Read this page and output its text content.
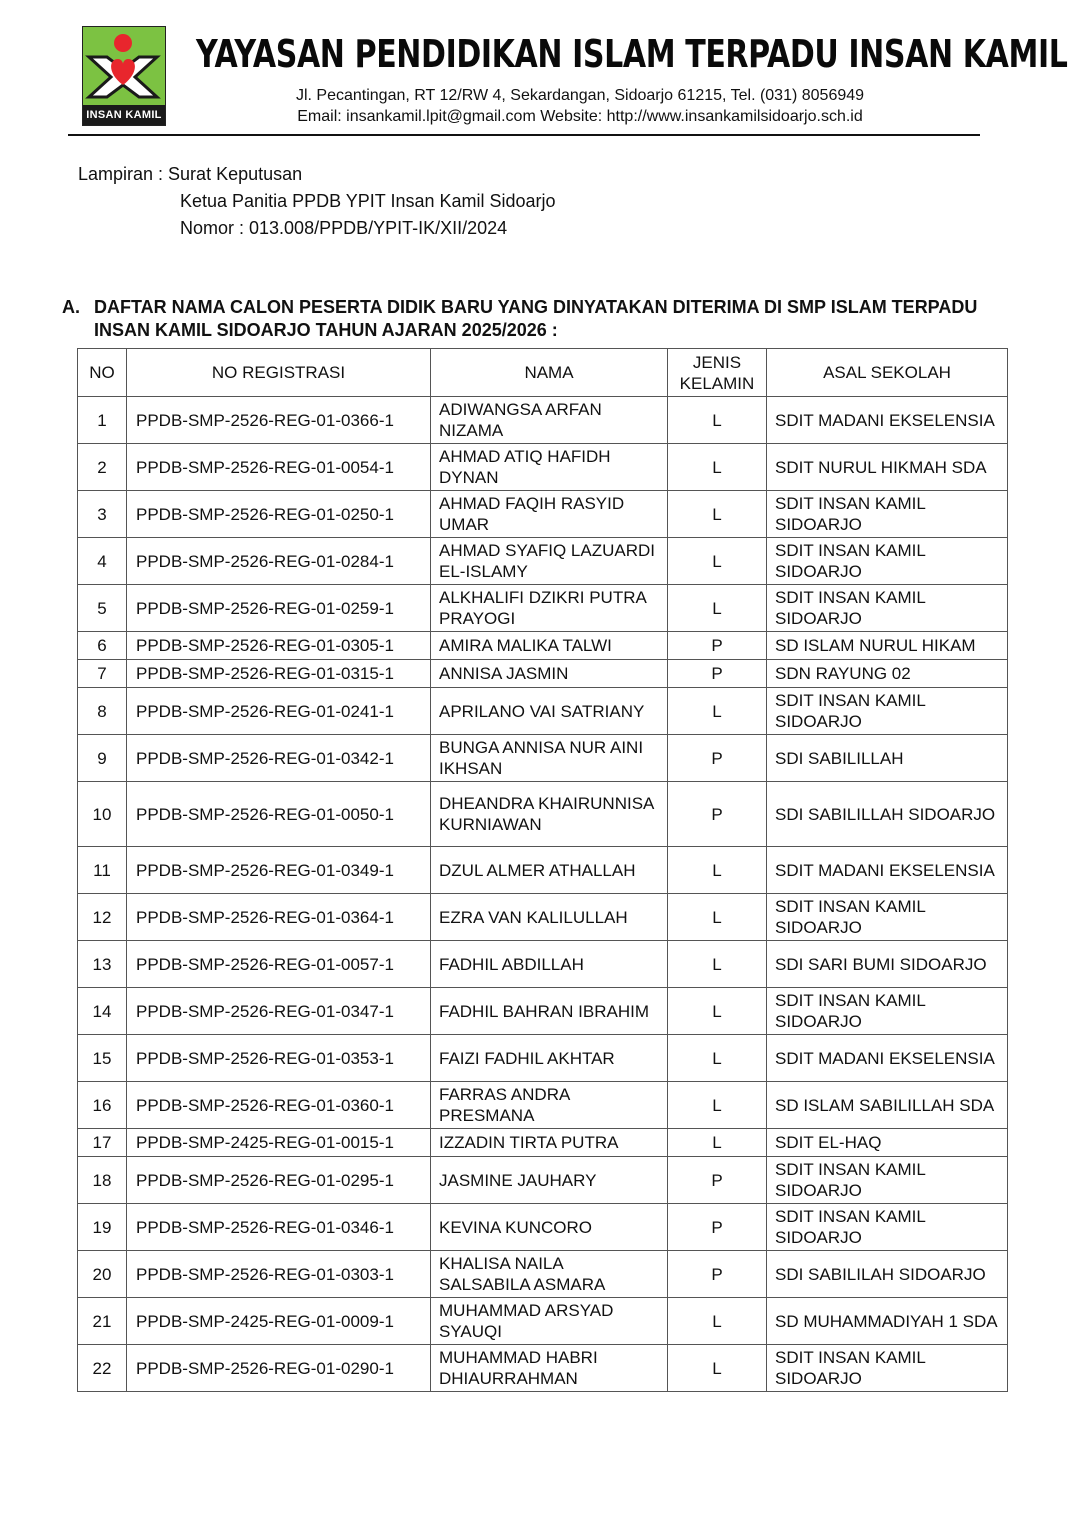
INSAN KAMIL
YAYASAN PENDIDIKAN ISLAM TERPADU INSAN KAMIL
Jl. Pecantingan, RT 12/RW 4, Sekardangan, Sidoarjo 61215, Tel. (031) 8056949
Email: insankamil.lpit@gmail.com Website: http://www.insankamilsidoarjo.sch.id
Lampiran : Surat Keputusan
Ketua Panitia PPDB YPIT Insan Kamil Sidoarjo
Nomor : 013.008/PPDB/YPIT-IK/XII/2024
A. DAFTAR NAMA CALON PESERTA DIDIK BARU YANG DINYATAKAN DITERIMA DI SMP ISLAM TERPADU INSAN KAMIL SIDOARJO TAHUN AJARAN 2025/2026 :
NO	NO REGISTRASI	NAMA	JENIS KELAMIN	ASAL SEKOLAH
1	PPDB-SMP-2526-REG-01-0366-1	ADIWANGSA ARFAN NIZAMA	L	SDIT MADANI EKSELENSIA
2	PPDB-SMP-2526-REG-01-0054-1	AHMAD ATIQ HAFIDH DYNAN	L	SDIT NURUL HIKMAH SDA
3	PPDB-SMP-2526-REG-01-0250-1	AHMAD FAQIH RASYID UMAR	L	SDIT INSAN KAMIL SIDOARJO
4	PPDB-SMP-2526-REG-01-0284-1	AHMAD SYAFIQ LAZUARDI EL-ISLAMY	L	SDIT INSAN KAMIL SIDOARJO
5	PPDB-SMP-2526-REG-01-0259-1	ALKHALIFI DZIKRI PUTRA PRAYOGI	L	SDIT INSAN KAMIL SIDOARJO
6	PPDB-SMP-2526-REG-01-0305-1	AMIRA MALIKA TALWI	P	SD ISLAM NURUL HIKAM
7	PPDB-SMP-2526-REG-01-0315-1	ANNISA JASMIN	P	SDN RAYUNG 02
8	PPDB-SMP-2526-REG-01-0241-1	APRILANO VAI SATRIANY	L	SDIT INSAN KAMIL SIDOARJO
9	PPDB-SMP-2526-REG-01-0342-1	BUNGA ANNISA NUR AINI IKHSAN	P	SDI SABILILLAH
10	PPDB-SMP-2526-REG-01-0050-1	DHEANDRA KHAIRUNNISA KURNIAWAN	P	SDI SABILILLAH SIDOARJO
11	PPDB-SMP-2526-REG-01-0349-1	DZUL ALMER ATHALLAH	L	SDIT MADANI EKSELENSIA
12	PPDB-SMP-2526-REG-01-0364-1	EZRA VAN KALILULLAH	L	SDIT INSAN KAMIL SIDOARJO
13	PPDB-SMP-2526-REG-01-0057-1	FADHIL ABDILLAH	L	SDI SARI BUMI SIDOARJO
14	PPDB-SMP-2526-REG-01-0347-1	FADHIL BAHRAN IBRAHIM	L	SDIT INSAN KAMIL SIDOARJO
15	PPDB-SMP-2526-REG-01-0353-1	FAIZI FADHIL AKHTAR	L	SDIT MADANI EKSELENSIA
16	PPDB-SMP-2526-REG-01-0360-1	FARRAS ANDRA PRESMANA	L	SD ISLAM SABILILLAH SDA
17	PPDB-SMP-2425-REG-01-0015-1	IZZADIN TIRTA PUTRA	L	SDIT EL-HAQ
18	PPDB-SMP-2526-REG-01-0295-1	JASMINE JAUHARY	P	SDIT INSAN KAMIL SIDOARJO
19	PPDB-SMP-2526-REG-01-0346-1	KEVINA KUNCORO	P	SDIT INSAN KAMIL SIDOARJO
20	PPDB-SMP-2526-REG-01-0303-1	KHALISA NAILA SALSABILA ASMARA	P	SDI SABILILAH SIDOARJO
21	PPDB-SMP-2425-REG-01-0009-1	MUHAMMAD ARSYAD SYAUQI	L	SD MUHAMMADIYAH 1 SDA
22	PPDB-SMP-2526-REG-01-0290-1	MUHAMMAD HABRI DHIAURRAHMAN	L	SDIT INSAN KAMIL SIDOARJO
